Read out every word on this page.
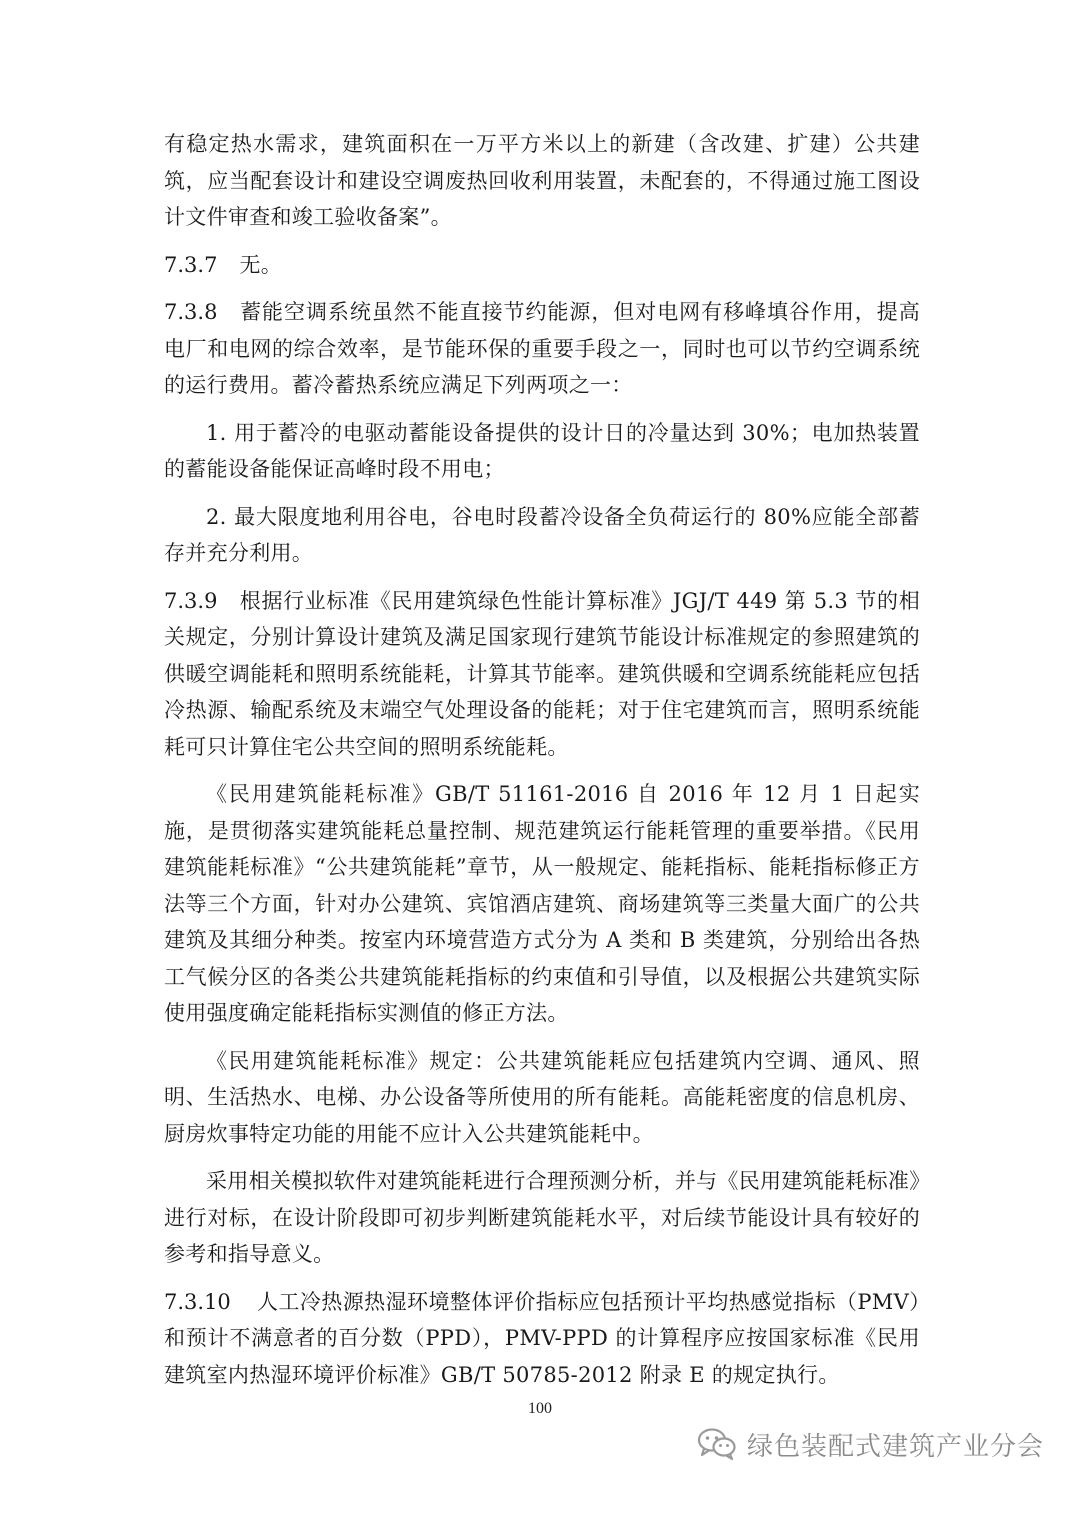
有稳定热水需求，建筑面积在一万平方米以上的新建（含改建、扩建）公共建筑，应当配套设计和建设空调废热回收利用装置，未配套的，不得通过施工图设计文件审查和竣工验收备案”。

7.3.7 无。

7.3.8 蓄能空调系统虽然不能直接节约能源，但对电网有移峰填谷作用，提高电厂和电网的综合效率，是节能环保的重要手段之一，同时也可以节约空调系统的运行费用。蓄冷蓄热系统应满足下列两项之一：

1. 用于蓄冷的电驱动蓄能设备提供的设计日的冷量达到 30%；电加热装置的蓄能设备能保证高峰时段不用电；

2. 最大限度地利用谷电，谷电时段蓄冷设备全负荷运行的 80%应能全部蓄存并充分利用。

7.3.9 根据行业标准《民用建筑绿色性能计算标准》JGJ/T 449 第 5.3 节的相关规定，分别计算设计建筑及满足国家现行建筑节能设计标准规定的参照建筑的供暖空调能耗和照明系统能耗，计算其节能率。建筑供暖和空调系统能耗应包括冷热源、输配系统及末端空气处理设备的能耗；对于住宅建筑而言，照明系统能耗可只计算住宅公共空间的照明系统能耗。

《民用建筑能耗标准》GB/T 51161-2016 自 2016 年 12 月 1 日起实施，是贯彻落实建筑能耗总量控制、规范建筑运行能耗管理的重要举措。《民用建筑能耗标准》“公共建筑能耗”章节，从一般规定、能耗指标、能耗指标修正方法等三个方面，针对办公建筑、宾馆酒店建筑、商场建筑等三类量大面广的公共建筑及其细分种类。按室内环境营造方式分为 A 类和 B 类建筑，分别给出各热工气候分区的各类公共建筑能耗指标的约束值和引导值，以及根据公共建筑实际使用强度确定能耗指标实测值的修正方法。

《民用建筑能耗标准》规定：公共建筑能耗应包括建筑内空调、通风、照明、生活热水、电梯、办公设备等所使用的所有能耗。高能耗密度的信息机房、厨房炊事特定功能的用能不应计入公共建筑能耗中。

采用相关模拟软件对建筑能耗进行合理预测分析，并与《民用建筑能耗标准》进行对标，在设计阶段即可初步判断建筑能耗水平，对后续节能设计具有较好的参考和指导意义。

7.3.10 人工冷热源热湿环境整体评价指标应包括预计平均热感觉指标（PMV）和预计不满意者的百分数（PPD），PMV-PPD 的计算程序应按国家标准《民用建筑室内热湿环境评价标准》GB/T 50785-2012 附录 E 的规定执行。

100
绿色装配式建筑产业分会
